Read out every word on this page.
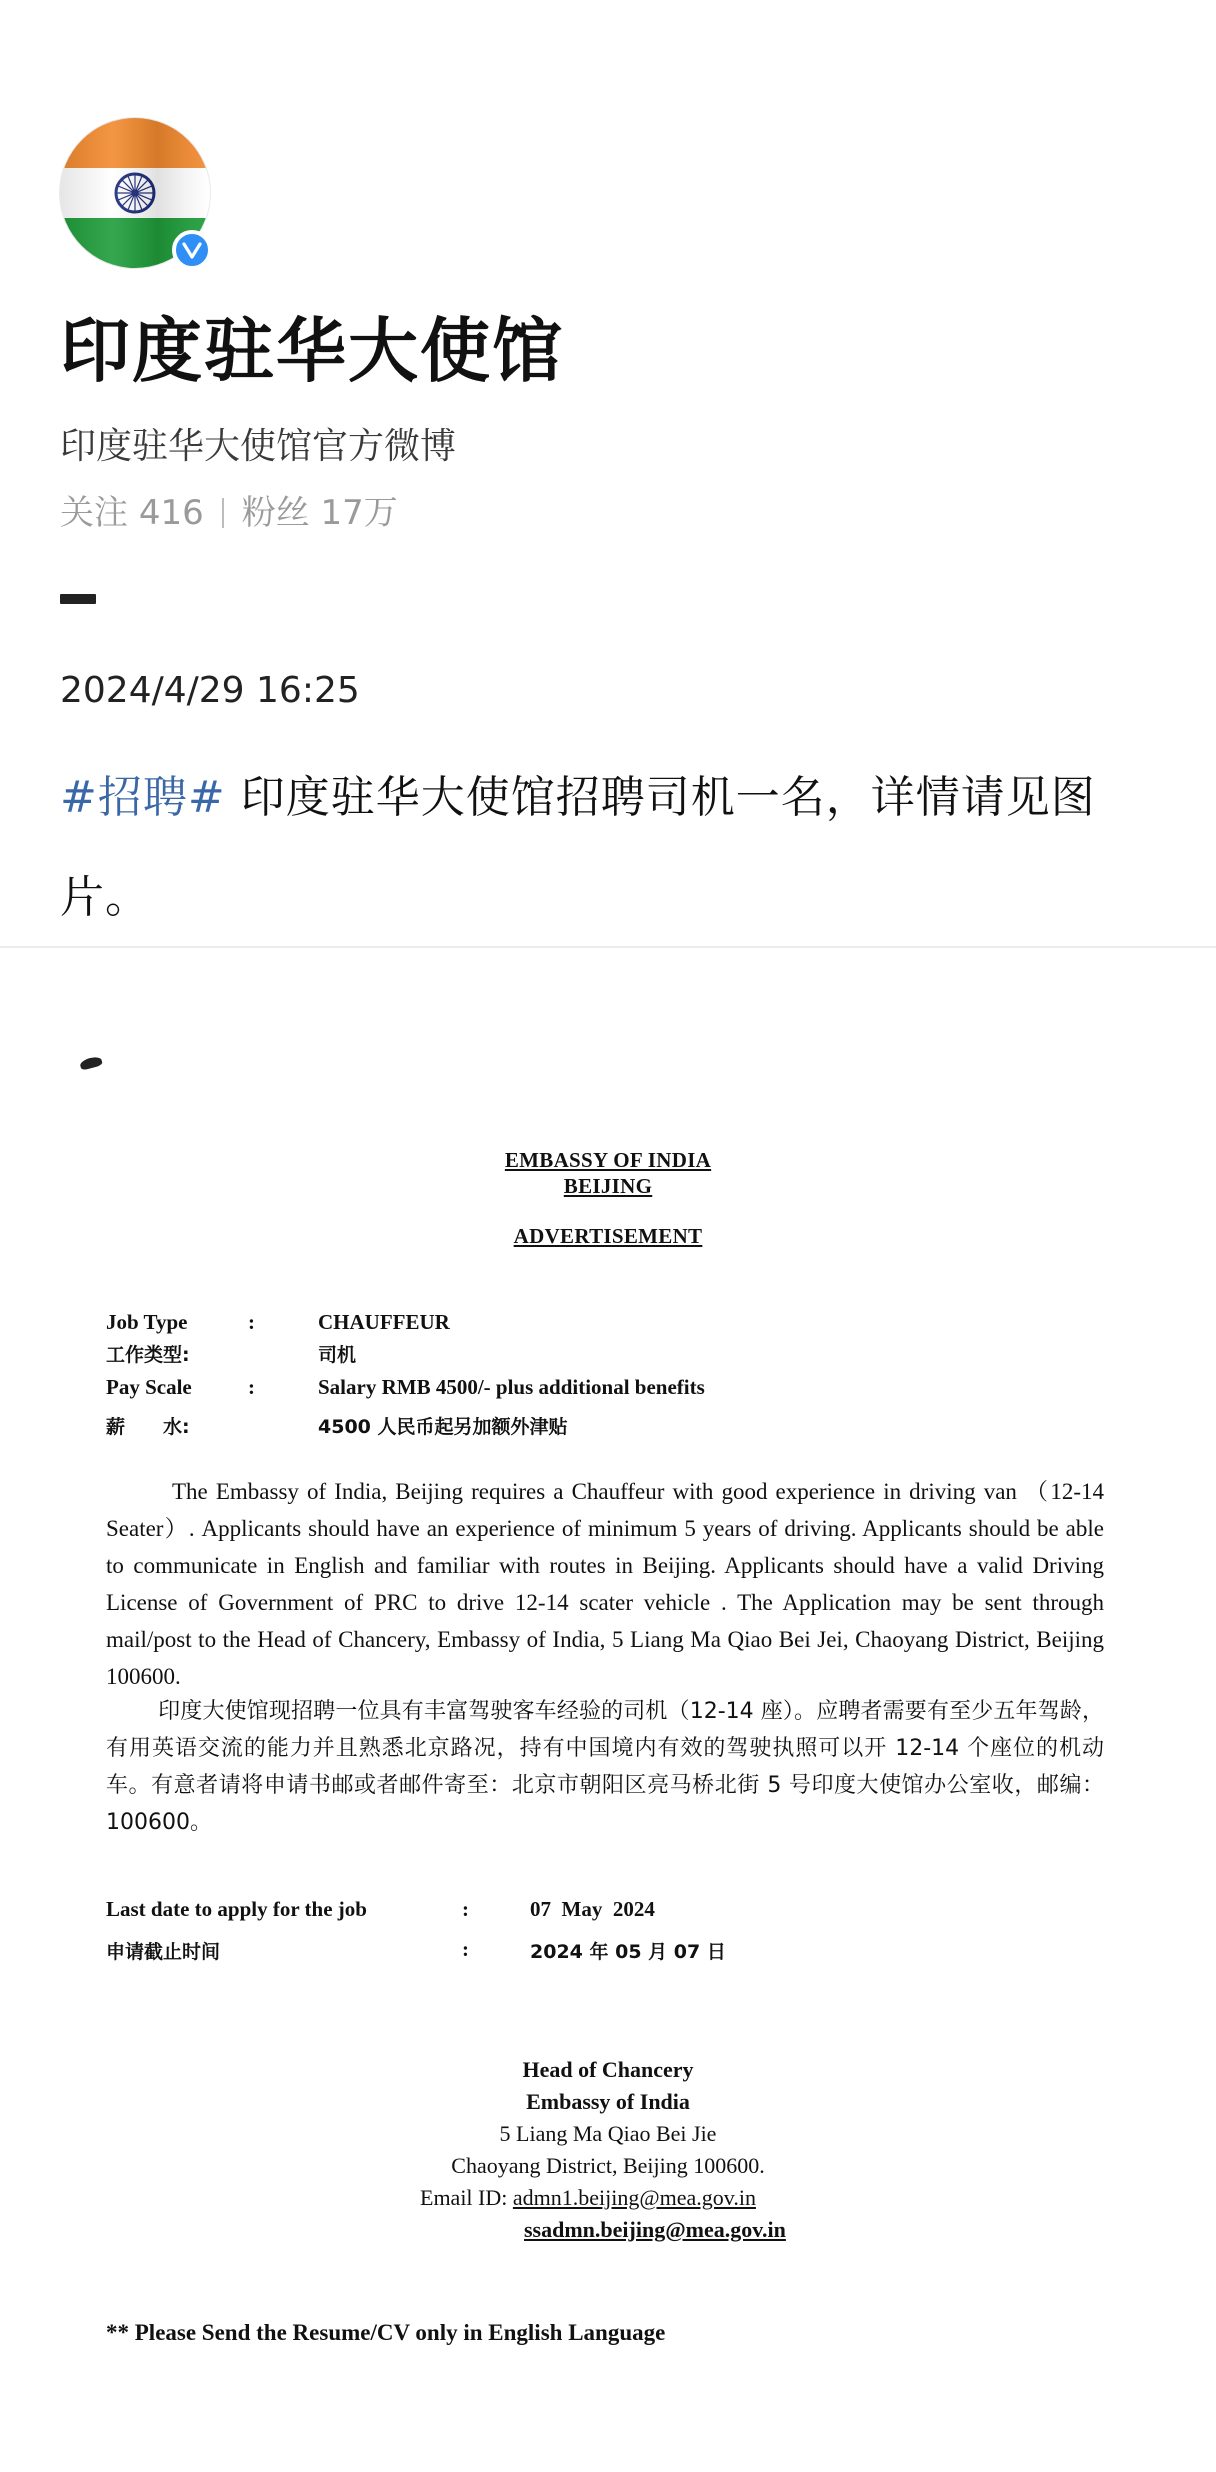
印度驻华大使馆
印度驻华大使馆官方微博
关注 416 粉丝 17万
2024/4/29 16:25
#招聘# 印度驻华大使馆招聘司机一名，详情请见图片。
EMBASSY OF INDIA
BEIJING
ADVERTISEMENT
Job Type	:	CHAUFFEUR
工作类型:	司机
Pay Scale	:	Salary RMB 4500/- plus additional benefits
薪　　水:	4500 人民币起另加额外津贴
The Embassy of India, Beijing requires a Chauffeur with good experience in driving van （12-14 Seater）. Applicants should have an experience of minimum 5 years of driving. Applicants should be able to communicate in English and familiar with routes in Beijing. Applicants should have a valid Driving License of Government of PRC to drive 12-14 scater vehicle . The Application may be sent through mail/post to the Head of Chancery, Embassy of India, 5 Liang Ma Qiao Bei Jei, Chaoyang District, Beijing 100600.
印度大使馆现招聘一位具有丰富驾驶客车经验的司机（12-14 座）。应聘者需要有至少五年驾龄，有用英语交流的能力并且熟悉北京路况，持有中国境内有效的驾驶执照可以开 12-14 个座位的机动车。有意者请将申请书邮或者邮件寄至：北京市朝阳区亮马桥北街 5 号印度大使馆办公室收，邮编：100600。
Last date to apply for the job	:	07  May  2024
申请截止时间	:	2024 年 05 月 07 日
Head of Chancery
Embassy of India
5 Liang Ma Qiao Bei Jie
Chaoyang District, Beijing 100600.
Email ID: admn1.beijing@mea.gov.in
ssadmn.beijing@mea.gov.in
** Please Send the Resume/CV only in English Language
